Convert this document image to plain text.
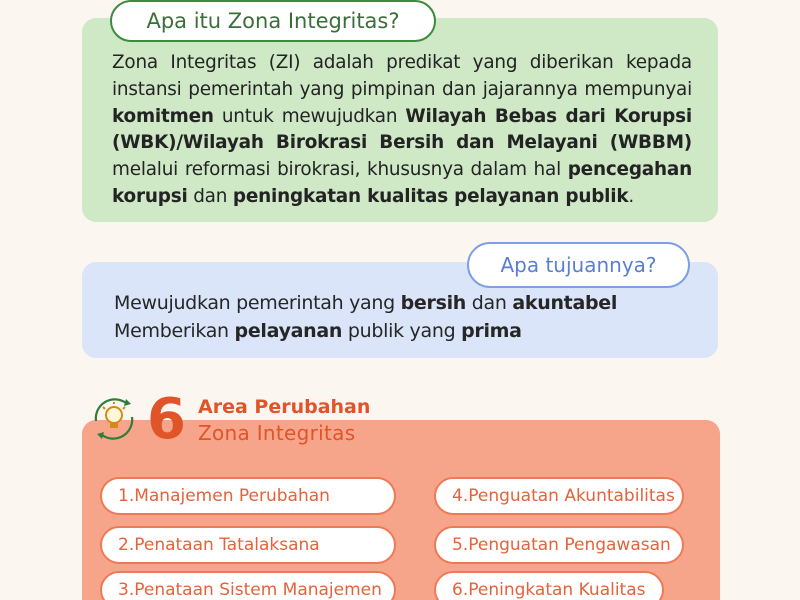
Apa itu Zona Integritas?

Zona Integritas (ZI) adalah predikat yang diberikan kepada instansi pemerintah yang pimpinan dan jajarannya mempunyai komitmen untuk mewujudkan Wilayah Bebas dari Korupsi (WBK)/Wilayah Birokrasi Bersih dan Melayani (WBBM) melalui reformasi birokrasi, khususnya dalam hal pencegahan korupsi dan peningkatan kualitas pelayanan publik.

Apa tujuannya?

Mewujudkan pemerintah yang bersih dan akuntabel

Memberikan pelayanan publik yang prima

6 Area Perubahan
Zona Integritas
1.Manajemen Perubahan
2.Penataan Tatalaksana
3.Penataan Sistem Manajemen
4.Penguatan Akuntabilitas
5.Penguatan Pengawasan
6.Peningkatan Kualitas
